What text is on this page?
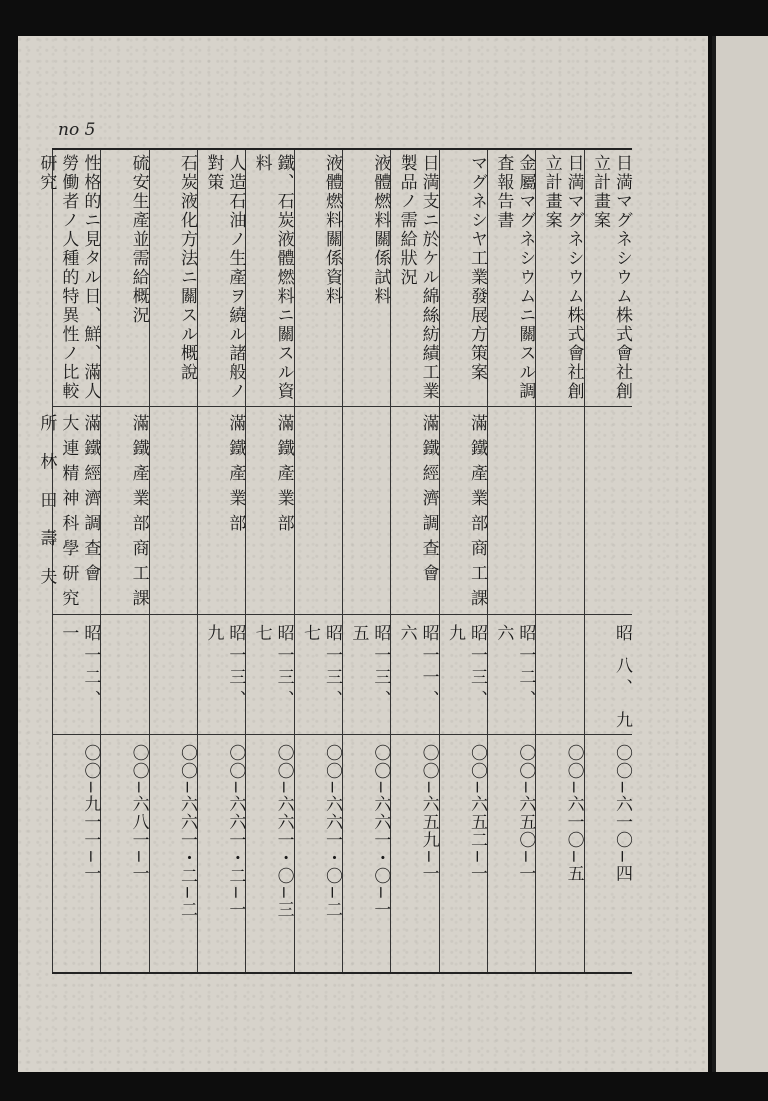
no 5
日満マグネシウム株式會社創立計畫案
昭 八、 九
〇〇−六一〇−四
日満マグネシウム株式會社創立計畫案
〇〇−六一〇−五
金屬マグネシウムニ關スル調査報告書
昭一二、 六
〇〇−六五〇−一
マグネシヤ工業發展方策案
滿鐵產業部商工課
昭一三、 九
〇〇−六五二−一
日満支ニ於ケル綿絲紡績工業製品ノ需給狀況
滿鐵經濟調查會
昭一一、 六
〇〇−六五九−一
液體燃料關係試料
昭一三、 五
〇〇−六六一・〇−一
液體燃料關係資料
昭一三、 七
〇〇−六六一・〇−二
鐵、石炭液體燃料ニ關スル資料
滿鐵產業部
昭一三、 七
〇〇−六六一・〇−三
人造石油ノ生產ヲ繞ル諸般ノ對策
滿鐵產業部
昭一三、 九
〇〇−六六一・二−一
石炭液化方法ニ關スル概說
〇〇−六六一・二−二
硫安生產並需給概況
滿鐵產業部商工課
〇〇−六八一−一
性格的ニ見タル日、鮮、滿人勞働者ノ人種的特異性ノ比較研究
滿鐵經濟調查會 大連精神科學研究所 林 田 壽 夫
昭一二、 一
〇〇−九一一−一
